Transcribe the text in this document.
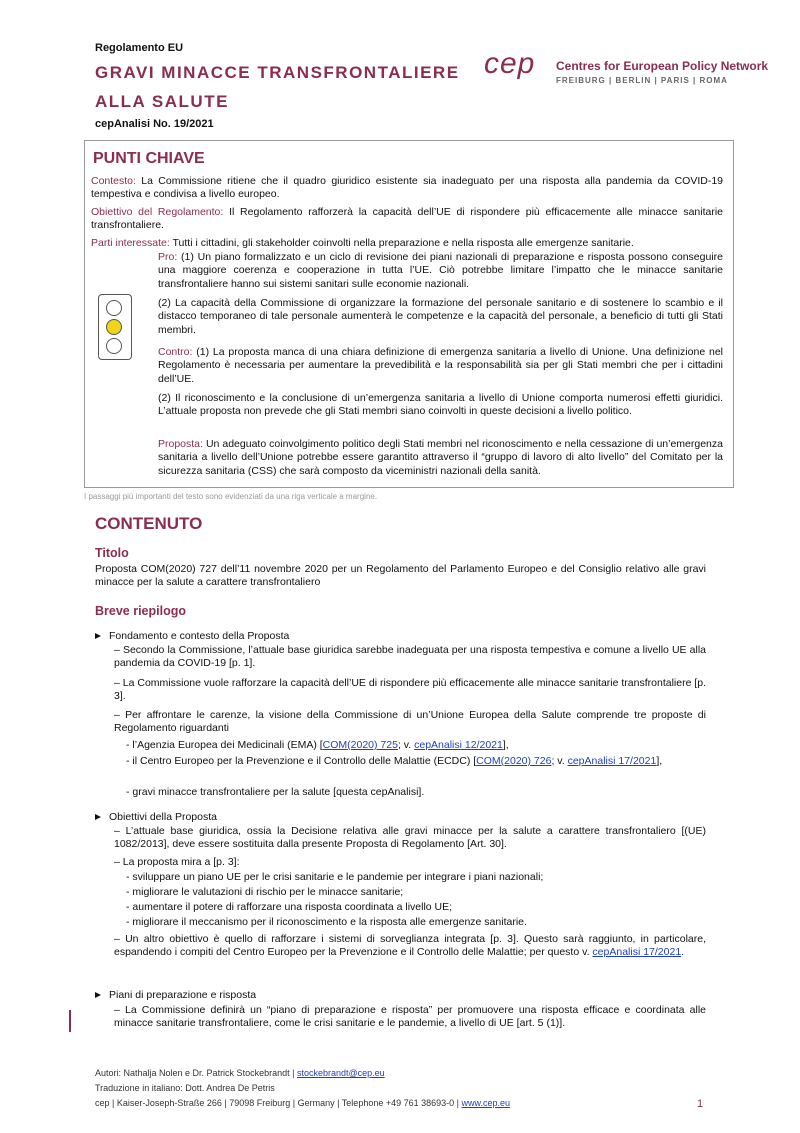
Regolamento EU
GRAVI MINACCE TRANSFRONTALIERE
ALLA SALUTE
cepAnalisi No. 19/2021
cep Centres for European Policy Network
FREIBURG | BERLIN | PARIS | ROMA
PUNTI CHIAVE
Contesto: La Commissione ritiene che il quadro giuridico esistente sia inadeguato per una risposta alla pandemia da COVID-19 tempestiva e condivisa a livello europeo.
Obiettivo del Regolamento: Il Regolamento rafforzerà la capacità dell’UE di rispondere più efficacemente alle minacce sanitarie transfrontaliere.
Parti interessate: Tutti i cittadini, gli stakeholder coinvolti nella preparazione e nella risposta alle emergenze sanitarie.
Pro: (1) Un piano formalizzato e un ciclo di revisione dei piani nazionali di preparazione e risposta possono conseguire una maggiore coerenza e cooperazione in tutta l’UE. Ciò potrebbe limitare l’impatto che le minacce sanitarie transfrontaliere hanno sui sistemi sanitari sulle economie nazionali.
(2) La capacità della Commissione di organizzare la formazione del personale sanitario e di sostenere lo scambio e il distacco temporaneo di tale personale aumenterà le competenze e la capacità del personale, a beneficio di tutti gli Stati membri.
Contro: (1) La proposta manca di una chiara definizione di emergenza sanitaria a livello di Unione. Una definizione nel Regolamento è necessaria per aumentare la prevedibilità e la responsabilità sia per gli Stati membri che per i cittadini dell’UE.
(2) Il riconoscimento e la conclusione di un’emergenza sanitaria a livello di Unione comporta numerosi effetti giuridici. L’attuale proposta non prevede che gli Stati membri siano coinvolti in queste decisioni a livello politico.
Proposta: Un adeguato coinvolgimento politico degli Stati membri nel riconoscimento e nella cessazione di un’emergenza sanitaria a livello dell’Unione potrebbe essere garantito attraverso il “gruppo di lavoro di alto livello” del Comitato per la sicurezza sanitaria (CSS) che sarà composto da viceministri nazionali della sanità.
I passaggi più importanti del testo sono evidenziati da una riga verticale a margine.
CONTENUTO
Titolo
Proposta COM(2020) 727 dell’11 novembre 2020 per un Regolamento del Parlamento Europeo e del Consiglio relativo alle gravi minacce per la salute a carattere transfrontaliero
Breve riepilogo
Fondamento e contesto della Proposta
– Secondo la Commissione, l’attuale base giuridica sarebbe inadeguata per una risposta tempestiva e comune a livello UE alla pandemia da COVID-19 [p. 1].
– La Commissione vuole rafforzare la capacità dell’UE di rispondere più efficacemente alle minacce sanitarie transfrontaliere [p. 3].
– Per affrontare le carenze, la visione della Commissione di un’Unione Europea della Salute comprende tre proposte di Regolamento riguardanti
- l’Agenzia Europea dei Medicinali (EMA) [COM(2020) 725; v. cepAnalisi 12/2021],
- il Centro Europeo per la Prevenzione e il Controllo delle Malattie (ECDC) [COM(2020) 726; v. cepAnalisi 17/2021],
- gravi minacce transfrontaliere per la salute [questa cepAnalisi].
Obiettivi della Proposta
– L’attuale base giuridica, ossia la Decisione relativa alle gravi minacce per la salute a carattere transfrontaliero [(UE) 1082/2013], deve essere sostituita dalla presente Proposta di Regolamento [Art. 30].
– La proposta mira a [p. 3]:
- sviluppare un piano UE per le crisi sanitarie e le pandemie per integrare i piani nazionali;
- migliorare le valutazioni di rischio per le minacce sanitarie;
- aumentare il potere di rafforzare una risposta coordinata a livello UE;
- migliorare il meccanismo per il riconoscimento e la risposta alle emergenze sanitarie.
– Un altro obiettivo è quello di rafforzare i sistemi di sorveglianza integrata [p. 3]. Questo sarà raggiunto, in particolare, espandendo i compiti del Centro Europeo per la Prevenzione e il Controllo delle Malattie; per questo v. cepAnalisi 17/2021.
Piani di preparazione e risposta
– La Commissione definirà un “piano di preparazione e risposta” per promuovere una risposta efficace e coordinata alle minacce sanitarie transfrontaliere, come le crisi sanitarie e le pandemie, a livello di UE [art. 5 (1)].
Autori: Nathalja Nolen e Dr. Patrick Stockebrandt | stockebrandt@cep.eu
Traduzione in italiano: Dott. Andrea De Petris
cep | Kaiser-Joseph-Straße 266 | 79098 Freiburg | Germany | Telephone +49 761 38693-0 | www.cep.eu	1
